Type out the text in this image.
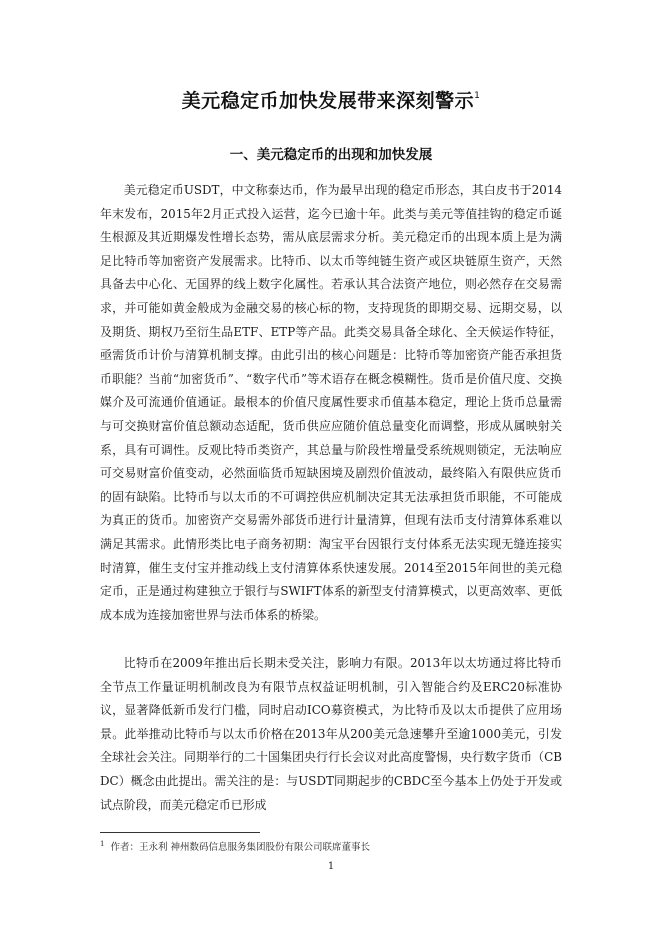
美元稳定币加快发展带来深刻警示$^1$
一、美元稳定币的出现和加快发展

美元稳定币USDT，中文称泰达币，作为最早出现的稳定币形态，其白皮书于2014年末发布，2015年2月正式投入运营，迄今已逾十年。此类与美元等值挂钩的稳定币诞生根源及其近期爆发性增长态势，需从底层需求分析。美元稳定币的出现本质上是为满足比特币等加密资产发展需求。比特币、以太币等纯链生资产或区块链原生资产，天然具备去中心化、无国界的线上数字化属性。若承认其合法资产地位，则必然存在交易需求，并可能如黄金般成为金融交易的核心标的物，支持现货的即期交易、远期交易，以及期货、期权乃至衍生品ETF、ETP等产品。此类交易具备全球化、全天候运作特征，亟需货币计价与清算机制支撑。由此引出的核心问题是：比特币等加密资产能否承担货币职能？当前“加密货币”、“数字代币”等术语存在概念模糊性。货币是价值尺度、交换媒介及可流通价值通证。最根本的价值尺度属性要求币值基本稳定，理论上货币总量需与可交换财富价值总额动态适配，货币供应应随价值总量变化而调整，形成从属映射关系，具有可调性。反观比特币类资产，其总量与阶段性增量受系统规则锁定，无法响应可交易财富价值变动，必然面临货币短缺困境及剧烈价值波动，最终陷入有限供应货币的固有缺陷。比特币与以太币的不可调控供应机制决定其无法承担货币职能，不可能成为真正的货币。加密资产交易需外部货币进行计量清算，但现有法币支付清算体系难以满足其需求。此情形类比电子商务初期：淘宝平台因银行支付体系无法实现无缝连接实时清算，催生支付宝并推动线上支付清算体系快速发展。2014至2015年间世的美元稳定币，正是通过构建独立于银行与SWIFT体系的新型支付清算模式，以更高效率、更低成本成为连接加密世界与法币体系的桥梁。

比特币在2009年推出后长期未受关注，影响力有限。2013年以太坊通过将比特币全节点工作量证明机制改良为有限节点权益证明机制，引入智能合约及ERC20标准协议，显著降低新币发行门槛，同时启动ICO募资模式，为比特币及以太币提供了应用场景。此举推动比特币与以太币价格在2013年从200美元急速攀升至逾1000美元，引发全球社会关注。同期举行的二十国集团央行行长会议对此高度警惕，央行数字货币（CBDC）概念由此提出。需关注的是：与USDT同期起步的CBDC至今基本上仍处于开发或试点阶段，而美元稳定币已形成

$^1$ 作者：王永利 神州数码信息服务集团股份有限公司联席董事长
1
